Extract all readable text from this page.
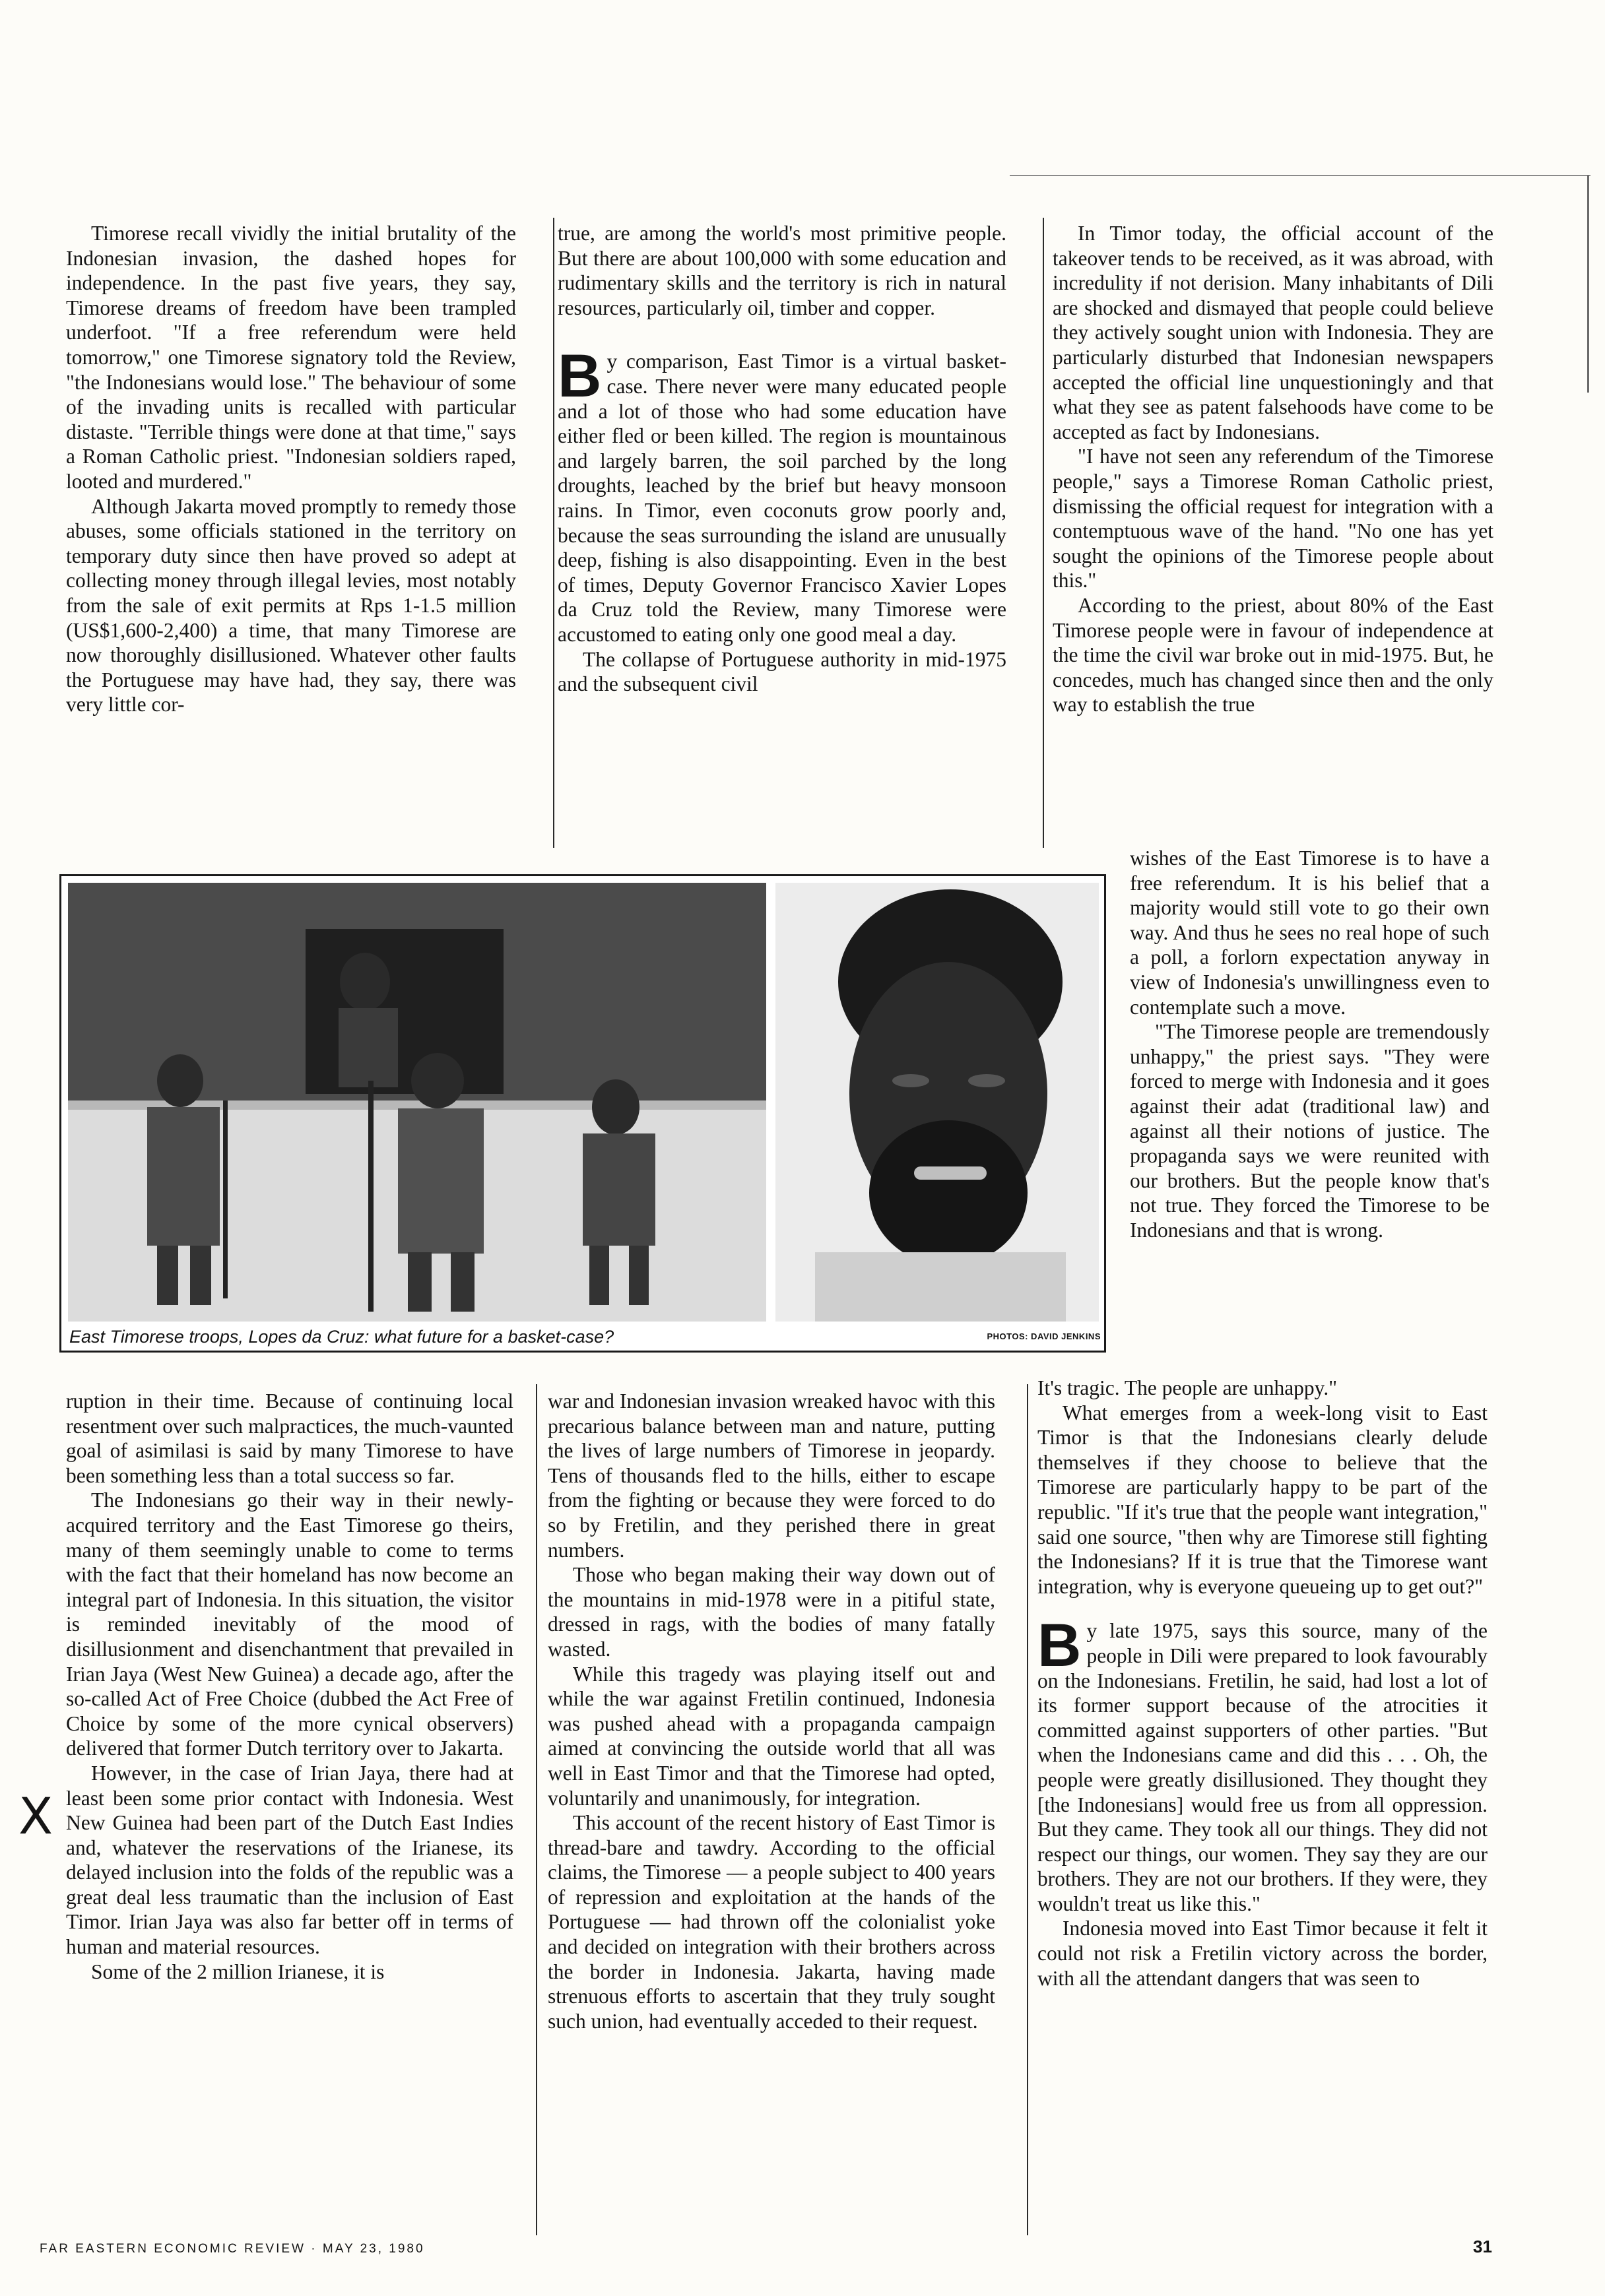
Timorese recall vividly the initial brutality of the Indonesian invasion, the dashed hopes for independence. In the past five years, they say, Timorese dreams of freedom have been trampled underfoot. "If a free referendum were held tomorrow," one Timorese signatory told the Review, "the Indonesians would lose." The behaviour of some of the invading units is recalled with particular distaste. "Terrible things were done at that time," says a Roman Catholic priest. "Indonesian soldiers raped, looted and murdered."

Although Jakarta moved promptly to remedy those abuses, some officials stationed in the territory on temporary duty since then have proved so adept at collecting money through illegal levies, most notably from the sale of exit permits at Rps 1-1.5 million (US$1,600-2,400) a time, that many Timorese are now thoroughly disillusioned. Whatever other faults the Portuguese may have had, they say, there was very little cor-

true, are among the world's most primitive people. But there are about 100,000 with some education and rudimentary skills and the territory is rich in natural resources, particularly oil, timber and copper.

By comparison, East Timor is a virtual basket-case. There never were many educated people and a lot of those who had some education have either fled or been killed. The region is mountainous and largely barren, the soil parched by the long droughts, leached by the brief but heavy monsoon rains. In Timor, even coconuts grow poorly and, because the seas surrounding the island are unusually deep, fishing is also disappointing. Even in the best of times, Deputy Governor Francisco Xavier Lopes da Cruz told the Review, many Timorese were accustomed to eating only one good meal a day.

The collapse of Portuguese authority in mid-1975 and the subsequent civil

In Timor today, the official account of the takeover tends to be received, as it was abroad, with incredulity if not derision. Many inhabitants of Dili are shocked and dismayed that people could believe they actively sought union with Indonesia. They are particularly disturbed that Indonesian newspapers accepted the official line unquestioningly and that what they see as patent falsehoods have come to be accepted as fact by Indonesians.

"I have not seen any referendum of the Timorese people," says a Timorese Roman Catholic priest, dismissing the official request for integration with a contemptuous wave of the hand. "No one has yet sought the opinions of the Timorese people about this."

According to the priest, about 80% of the East Timorese people were in favour of independence at the time the civil war broke out in mid-1975. But, he concedes, much has changed since then and the only way to establish the true

wishes of the East Timorese is to have a free referendum. It is his belief that a majority would still vote to go their own way. And thus he sees no real hope of such a poll, a forlorn expectation anyway in view of Indonesia's unwillingness even to contemplate such a move.

"The Timorese people are tremendously unhappy," the priest says. "They were forced to merge with Indonesia and it goes against their adat (traditional law) and against all their notions of justice. The propaganda says we were reunited with our brothers. But the people know that's not true. They forced the Timorese to be Indonesians and that is wrong.

East Timorese troops, Lopes da Cruz: what future for a basket-case?	PHOTOS: DAVID JENKINS

ruption in their time. Because of continuing local resentment over such malpractices, the much-vaunted goal of asimilasi is said by many Timorese to have been something less than a total success so far.

The Indonesians go their way in their newly-acquired territory and the East Timorese go theirs, many of them seemingly unable to come to terms with the fact that their homeland has now become an integral part of Indonesia. In this situation, the visitor is reminded inevitably of the mood of disillusionment and disenchantment that prevailed in Irian Jaya (West New Guinea) a decade ago, after the so-called Act of Free Choice (dubbed the Act Free of Choice by some of the more cynical observers) delivered that former Dutch territory over to Jakarta.

However, in the case of Irian Jaya, there had at least been some prior contact with Indonesia. West New Guinea had been part of the Dutch East Indies and, whatever the reservations of the Irianese, its delayed inclusion into the folds of the republic was a great deal less traumatic than the inclusion of East Timor. Irian Jaya was also far better off in terms of human and material resources.

Some of the 2 million Irianese, it is

war and Indonesian invasion wreaked havoc with this precarious balance between man and nature, putting the lives of large numbers of Timorese in jeopardy. Tens of thousands fled to the hills, either to escape from the fighting or because they were forced to do so by Fretilin, and they perished there in great numbers.

Those who began making their way down out of the mountains in mid-1978 were in a pitiful state, dressed in rags, with the bodies of many fatally wasted.

While this tragedy was playing itself out and while the war against Fretilin continued, Indonesia was pushed ahead with a propaganda campaign aimed at convincing the outside world that all was well in East Timor and that the Timorese had opted, voluntarily and unanimously, for integration.

This account of the recent history of East Timor is thread-bare and tawdry. According to the official claims, the Timorese — a people subject to 400 years of repression and exploitation at the hands of the Portuguese — had thrown off the colonialist yoke and decided on integration with their brothers across the border in Indonesia. Jakarta, having made strenuous efforts to ascertain that they truly sought such union, had eventually acceded to their request.

It's tragic. The people are unhappy."

What emerges from a week-long visit to East Timor is that the Indonesians clearly delude themselves if they choose to believe that the Timorese are particularly happy to be part of the republic. "If it's true that the people want integration," said one source, "then why are Timorese still fighting the Indonesians? If it is true that the Timorese want integration, why is everyone queueing up to get out?"

By late 1975, says this source, many of the people in Dili were prepared to look favourably on the Indonesians. Fretilin, he said, had lost a lot of its former support because of the atrocities it committed against supporters of other parties. "But when the Indonesians came and did this . . . Oh, the people were greatly disillusioned. They thought they [the Indonesians] would free us from all oppression. But they came. They took all our things. They did not respect our things, our women. They say they are our brothers. They are not our brothers. If they were, they wouldn't treat us like this."

Indonesia moved into East Timor because it felt it could not risk a Fretilin victory across the border, with all the attendant dangers that was seen to

X
FAR EASTERN ECONOMIC REVIEW · MAY 23, 1980	31
